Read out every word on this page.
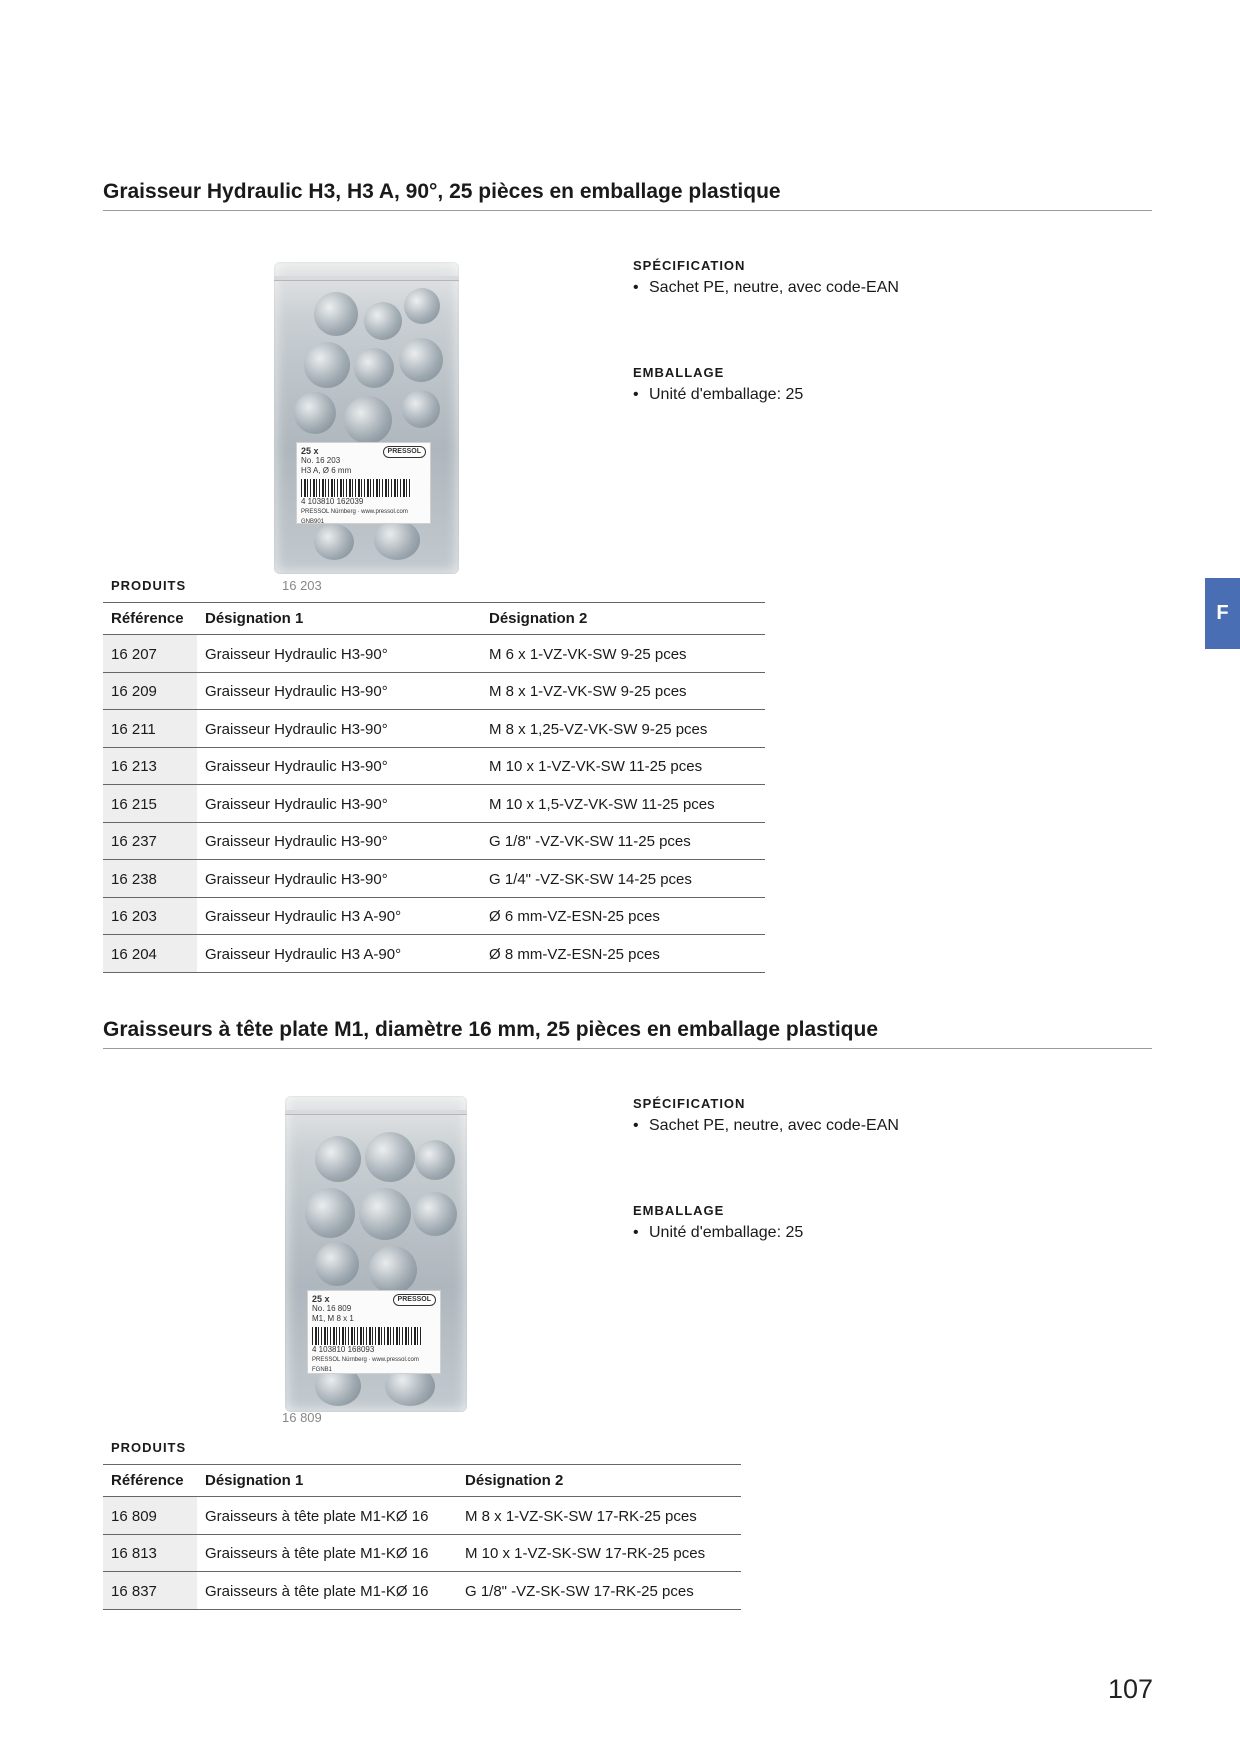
Graisseur Hydraulic H3, H3 A, 90°, 25 pièces en emballage plastique
25 x	PRESSOL
No. 16 203
H3 A, Ø 6 mm
4 103810 162039
PRESSOL Nürnberg · www.pressol.com
GNB901
16 203
SPÉCIFICATION
• Sachet PE, neutre, avec code-EAN
EMBALLAGE
• Unité d'emballage: 25
PRODUITS
Référence	Désignation 1	Désignation 2
16 207	Graisseur Hydraulic H3-90°	M 6 x 1-VZ-VK-SW 9-25 pces
16 209	Graisseur Hydraulic H3-90°	M 8 x 1-VZ-VK-SW 9-25 pces
16 211	Graisseur Hydraulic H3-90°	M 8 x 1,25-VZ-VK-SW 9-25 pces
16 213	Graisseur Hydraulic H3-90°	M 10 x 1-VZ-VK-SW 11-25 pces
16 215	Graisseur Hydraulic H3-90°	M 10 x 1,5-VZ-VK-SW 11-25 pces
16 237	Graisseur Hydraulic H3-90°	G 1/8" -VZ-VK-SW 11-25 pces
16 238	Graisseur Hydraulic H3-90°	G 1/4" -VZ-SK-SW 14-25 pces
16 203	Graisseur Hydraulic H3 A-90°	Ø 6 mm-VZ-ESN-25 pces
16 204	Graisseur Hydraulic H3 A-90°	Ø 8 mm-VZ-ESN-25 pces
Graisseurs à tête plate M1, diamètre 16 mm, 25 pièces en emballage plastique
25 x	PRESSOL
No. 16 809
M1, M 8 x 1
4 103810 168093
PRESSOL Nürnberg · www.pressol.com
FGNB1
16 809
SPÉCIFICATION
• Sachet PE, neutre, avec code-EAN
EMBALLAGE
• Unité d'emballage: 25
PRODUITS
Référence	Désignation 1	Désignation 2
16 809	Graisseurs à tête plate M1-KØ 16	M 8 x 1-VZ-SK-SW 17-RK-25 pces
16 813	Graisseurs à tête plate M1-KØ 16	M 10 x 1-VZ-SK-SW 17-RK-25 pces
16 837	Graisseurs à tête plate M1-KØ 16	G 1/8" -VZ-SK-SW 17-RK-25 pces
F
107
